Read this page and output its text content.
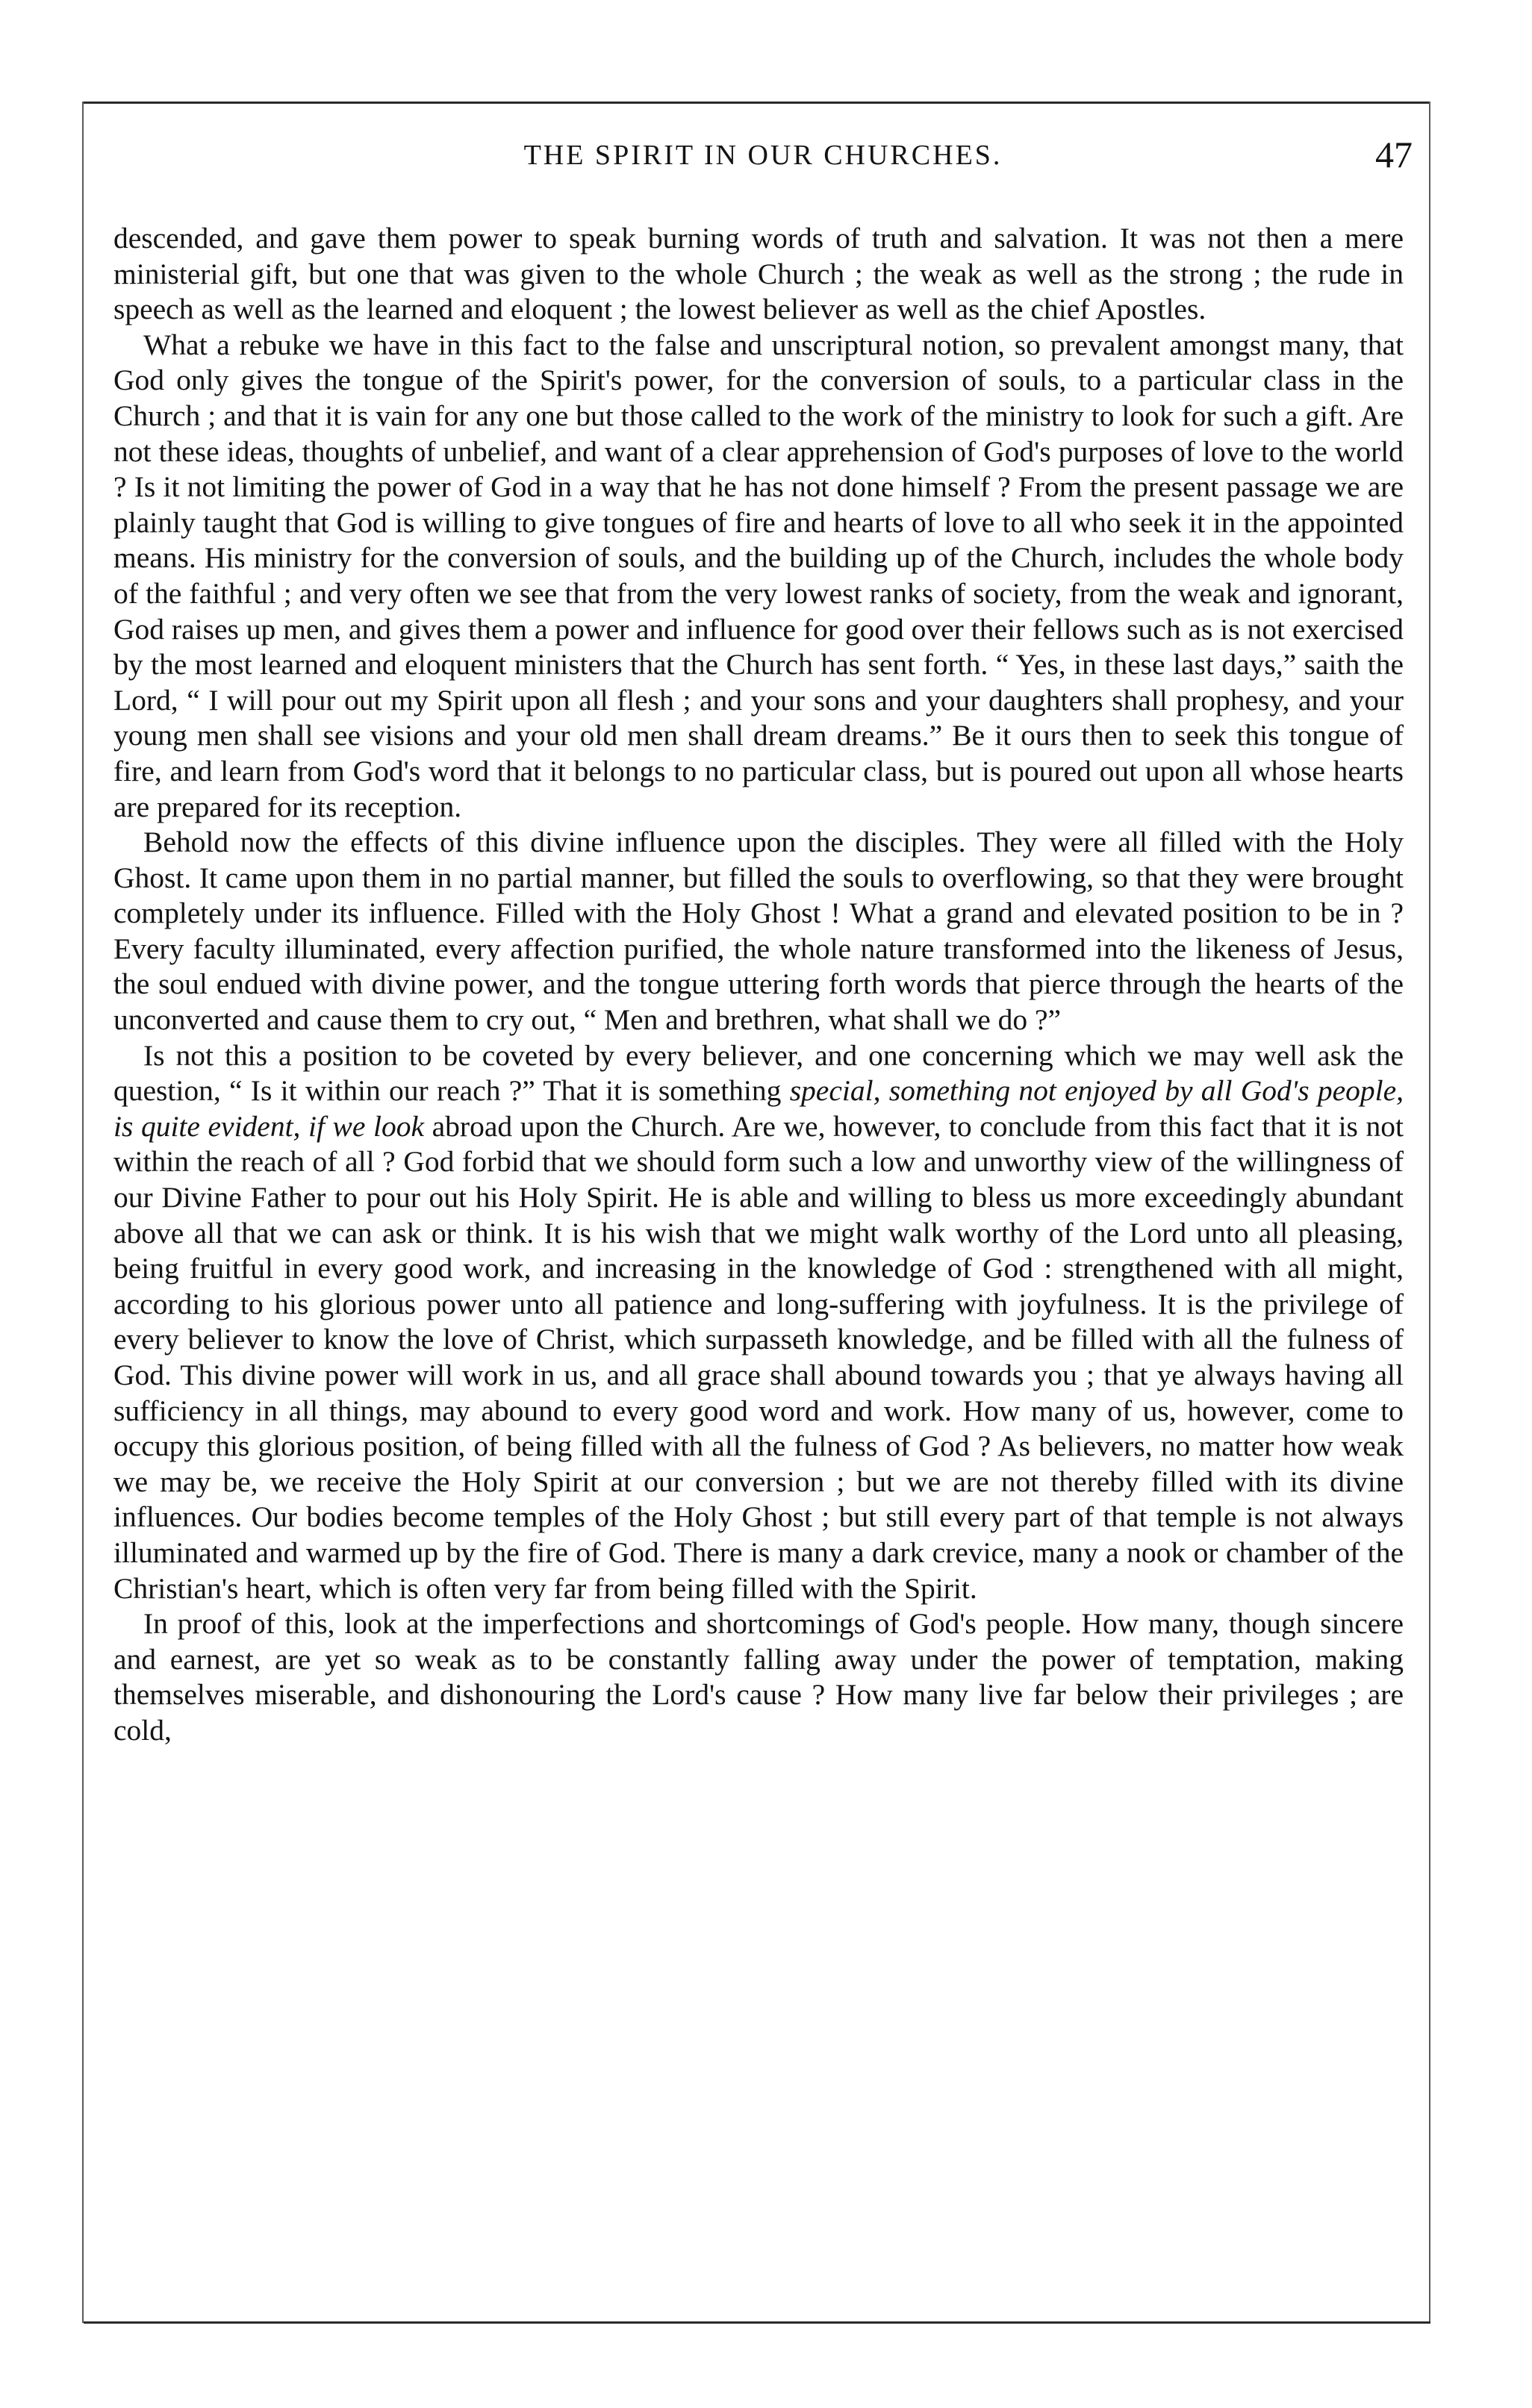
THE SPIRIT IN OUR CHURCHES.	47

descended, and gave them power to speak burning words of truth and salvation. It was not then a mere ministerial gift, but one that was given to the whole Church ; the weak as well as the strong ; the rude in speech as well as the learned and eloquent ; the lowest believer as well as the chief Apostles.

What a rebuke we have in this fact to the false and unscriptural notion, so prevalent amongst many, that God only gives the tongue of the Spirit's power, for the conversion of souls, to a particular class in the Church ; and that it is vain for any one but those called to the work of the ministry to look for such a gift. Are not these ideas, thoughts of unbelief, and want of a clear apprehension of God's purposes of love to the world ? Is it not limiting the power of God in a way that he has not done himself ? From the present passage we are plainly taught that God is willing to give tongues of fire and hearts of love to all who seek it in the appointed means. His ministry for the conversion of souls, and the building up of the Church, includes the whole body of the faithful ; and very often we see that from the very lowest ranks of society, from the weak and ignorant, God raises up men, and gives them a power and influence for good over their fellows such as is not exercised by the most learned and eloquent ministers that the Church has sent forth. “ Yes, in these last days,” saith the Lord, “ I will pour out my Spirit upon all flesh ; and your sons and your daughters shall prophesy, and your young men shall see visions and your old men shall dream dreams.” Be it ours then to seek this tongue of fire, and learn from God's word that it belongs to no particular class, but is poured out upon all whose hearts are prepared for its reception.

Behold now the effects of this divine influence upon the disciples. They were all filled with the Holy Ghost. It came upon them in no partial manner, but filled the souls to overflowing, so that they were brought completely under its influence. Filled with the Holy Ghost ! What a grand and elevated position to be in ? Every faculty illuminated, every affection purified, the whole nature transformed into the likeness of Jesus, the soul endued with divine power, and the tongue uttering forth words that pierce through the hearts of the unconverted and cause them to cry out, “ Men and brethren, what shall we do ?”

Is not this a position to be coveted by every believer, and one concerning which we may well ask the question, “ Is it within our reach ?” That it is something special, something not enjoyed by all God's people, is quite evident, if we look abroad upon the Church. Are we, however, to conclude from this fact that it is not within the reach of all ? God forbid that we should form such a low and unworthy view of the willingness of our Divine Father to pour out his Holy Spirit. He is able and willing to bless us more exceedingly abundant above all that we can ask or think. It is his wish that we might walk worthy of the Lord unto all pleasing, being fruitful in every good work, and increasing in the knowledge of God : strengthened with all might, according to his glorious power unto all patience and long-suffering with joyfulness. It is the privilege of every believer to know the love of Christ, which surpasseth knowledge, and be filled with all the fulness of God. This divine power will work in us, and all grace shall abound towards you ; that ye always having all sufficiency in all things, may abound to every good word and work. How many of us, however, come to occupy this glorious position, of being filled with all the fulness of God ? As believers, no matter how weak we may be, we receive the Holy Spirit at our conversion ; but we are not thereby filled with its divine influences. Our bodies become temples of the Holy Ghost ; but still every part of that temple is not always illuminated and warmed up by the fire of God. There is many a dark crevice, many a nook or chamber of the Christian's heart, which is often very far from being filled with the Spirit.

In proof of this, look at the imperfections and shortcomings of God's people. How many, though sincere and earnest, are yet so weak as to be constantly falling away under the power of temptation, making themselves miserable, and dishonouring the Lord's cause ? How many live far below their privileges ; are cold,
